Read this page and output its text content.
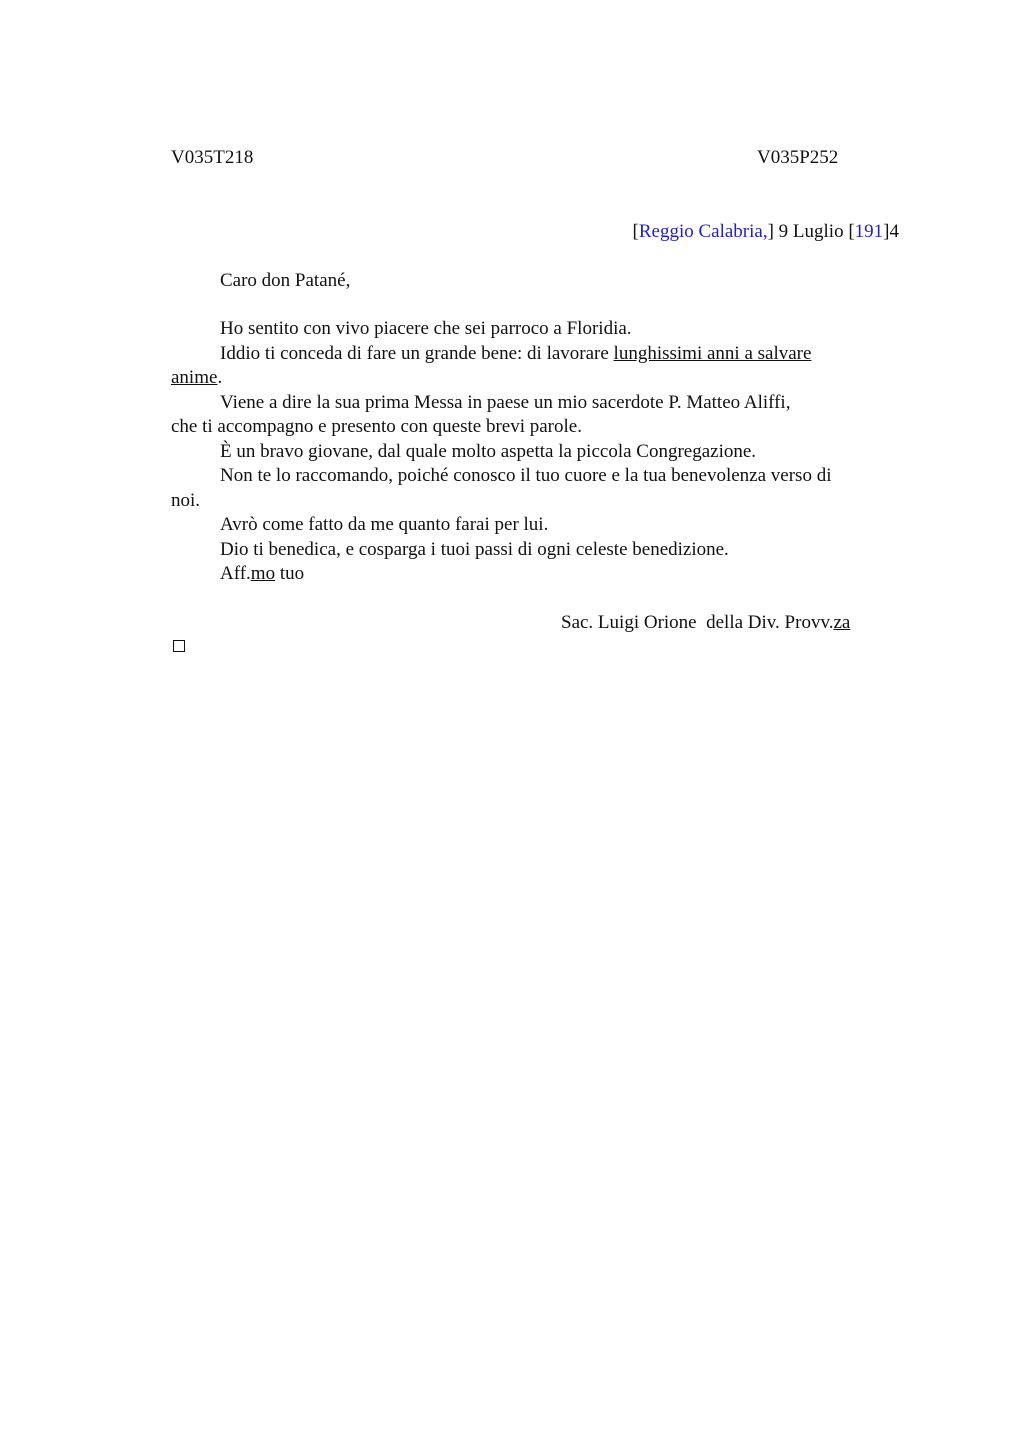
V035T218	V035P252
[Reggio Calabria,] 9 Luglio [191]4
Caro don Patané,
Ho sentito con vivo piacere che sei parroco a Floridia.
Iddio ti conceda di fare un grande bene: di lavorare lunghissimi anni a salvare
anime.
Viene a dire la sua prima Messa in paese un mio sacerdote P. Matteo Aliffi,
che ti accompagno e presento con queste brevi parole.
È un bravo giovane, dal quale molto aspetta la piccola Congregazione.
Non te lo raccomando, poiché conosco il tuo cuore e la tua benevolenza verso di
noi.
Avrò come fatto da me quanto farai per lui.
Dio ti benedica, e cosparga i tuoi passi di ogni celeste benedizione.
Aff.mo tuo
Sac. Luigi Orione  della Div. Provv.za
